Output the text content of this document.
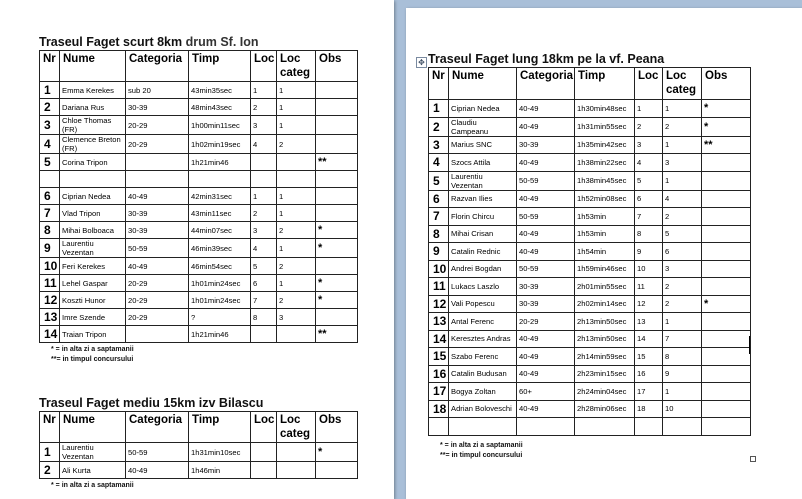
Traseul Faget scurt 8km drum Sf. Ion
Nr	Nume	Categoria	Timp	Loc	Loc categ	Obs
1	Emma Kerekes	sub 20	43min35sec	1	1	
2	Dariana Rus	30-39	48min43sec	2	1	
3	Chloe Thomas (FR)	20-29	1h00min11sec	3	1	
4	Clemence Breton (FR)	20-29	1h02min19sec	4	2	
5	Corina Tripon		1h21min46			**

6	Ciprian Nedea	40-49	42min31sec	1	1	
7	Vlad Tripon	30-39	43min11sec	2	1	
8	Mihai Bolboaca	30-39	44min07sec	3	2	*
9	Laurentiu Vezentan	50-59	46min39sec	4	1	*
10	Feri Kerekes	40-49	46min54sec	5	2	
11	Lehel Gaspar	20-29	1h01min24sec	6	1	*
12	Koszti Hunor	20-29	1h01min24sec	7	2	*
13	Imre Szende	20-29	?	8	3	
14	Traian Tripon		1h21min46			**
* = in alta zi a saptamanii
**= in timpul concursului
Traseul Faget mediu 15km izv Bilascu
Nr	Nume	Categoria	Timp	Loc	Loc categ	Obs
1	Laurentiu Vezentan	50-59	1h31min10sec			*
2	Ali Kurta	40-49	1h46min			
* = in alta zi a saptamanii
✥ Traseul Faget lung 18km pe la vf. Peana
Nr	Nume	Categoria	Timp	Loc	Loc categ	Obs
1	Ciprian Nedea	40-49	1h30min48sec	1	1	*
2	Claudiu Campeanu	40-49	1h31min55sec	2	2	*
3	Marius SNC	30-39	1h35min42sec	3	1	**
4	Szocs Attila	40-49	1h38min22sec	4	3	
5	Laurentiu Vezentan	50-59	1h38min45sec	5	1	
6	Razvan Ilies	40-49	1h52min08sec	6	4	
7	Florin Chircu	50-59	1h53min	7	2	
8	Mihai Crisan	40-49	1h53min	8	5	
9	Catalin Rednic	40-49	1h54min	9	6	
10	Andrei Bogdan	50-59	1h59min46sec	10	3	
11	Lukacs Laszlo	30-39	2h01min55sec	11	2	
12	Vali Popescu	30-39	2h02min14sec	12	2	*
13	Antal Ferenc	20-29	2h13min50sec	13	1	
14	Keresztes Andras	40-49	2h13min50sec	14	7	
15	Szabo Ferenc	40-49	2h14min59sec	15	8	
16	Catalin Budusan	40-49	2h23min15sec	16	9	
17	Bogya Zoltan	60+	2h24min04sec	17	1	
18	Adrian Boloveschi	40-49	2h28min06sec	18	10	

* = in alta zi a saptamanii
**= in timpul concursului
